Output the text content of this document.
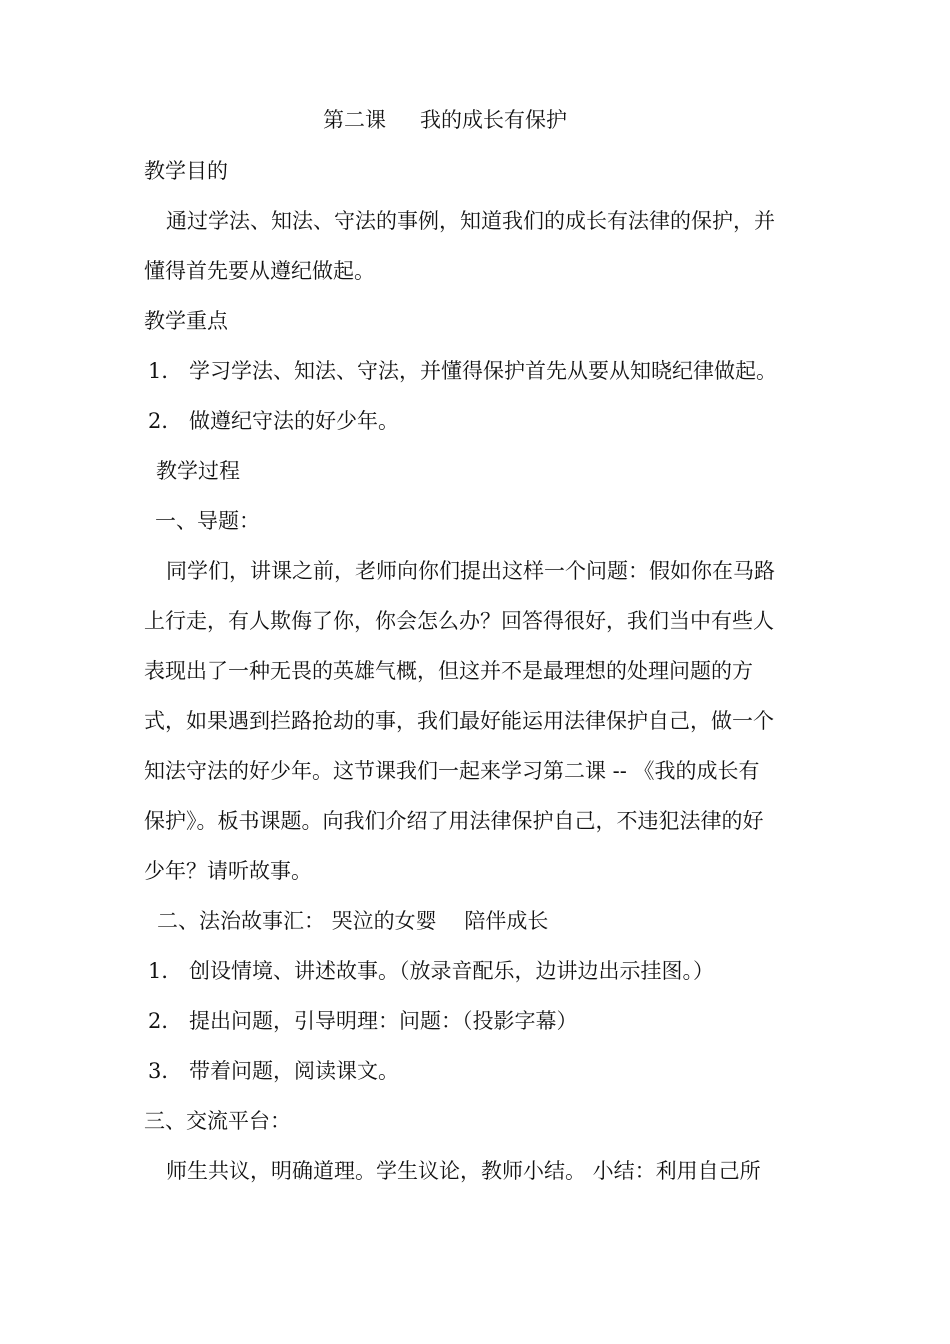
第二课 我的成长有保护
教学目的
通过学法、知法、守法的事例，知道我们的成长有法律的保护，并
懂得首先要从遵纪做起。
教学重点
1． 学习学法、知法、守法，并懂得保护首先从要从知晓纪律做起。
2． 做遵纪守法的好少年。
教学过程
一、导题：
同学们，讲课之前，老师向你们提出这样一个问题：假如你在马路
上行走，有人欺侮了你，你会怎么办？回答得很好，我们当中有些人
表现出了一种无畏的英雄气概，但这并不是最理想的处理问题的方
式，如果遇到拦路抢劫的事，我们最好能运用法律保护自己，做一个
知法守法的好少年。这节课我们一起来学习第二课 -- 《我的成长有
保护》。板书课题。向我们介绍了用法律保护自己，不违犯法律的好
少年？请听故事。
二、法治故事汇： 哭泣的女婴　 陪伴成长
1． 创设情境、讲述故事。（放录音配乐，边讲边出示挂图。）
2． 提出问题，引导明理：问题：（投影字幕）
3． 带着问题，阅读课文。
三、交流平台：
师生共议，明确道理。学生议论，教师小结。 小结：利用自己所
